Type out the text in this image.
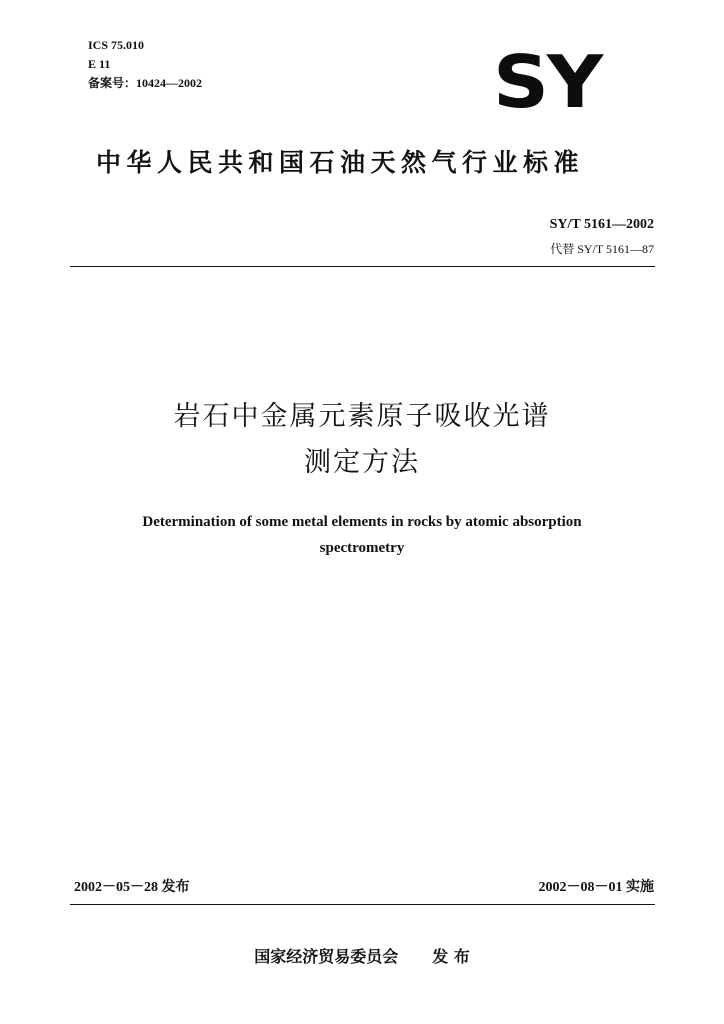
ICS 75.010
E 11
备案号：10424—2002	SY
中华人民共和国石油天然气行业标准
SY/T 5161—2002
代替 SY/T 5161—87
岩石中金属元素原子吸收光谱
测定方法
Determination of some metal elements in rocks by atomic absorption
spectrometry
2002－05－28 发布	2002－08－01 实施
国家经济贸易委员会 发 布
